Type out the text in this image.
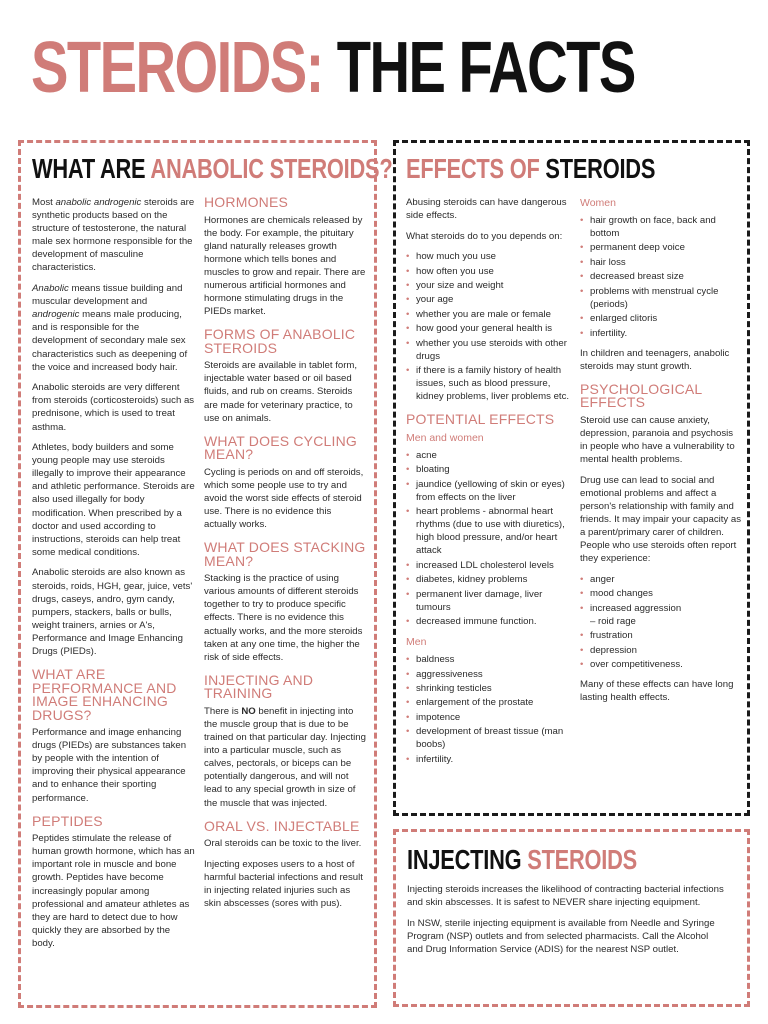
STEROIDS: THE FACTS
WHAT ARE ANABOLIC STEROIDS?

Most anabolic androgenic steroids are synthetic products based on the structure of testosterone, the natural male sex hormone responsible for the development of masculine characteristics.

Anabolic means tissue building and muscular development and androgenic means male producing, and is responsible for the development of secondary male sex characteristics such as deepening of the voice and increased body hair.

Anabolic steroids are very different from steroids (corticosteroids) such as prednisone, which is used to treat asthma.

Athletes, body builders and some young people may use steroids illegally to improve their appearance and athletic performance. Steroids are also used illegally for body modification. When prescribed by a doctor and used according to instructions, steroids can help treat some medical conditions.

Anabolic steroids are also known as steroids, roids, HGH, gear, juice, vets' drugs, caseys, andro, gym candy, pumpers, stackers, balls or bulls, weight trainers, arnies or A's, Performance and Image Enhancing Drugs (PIEDs).

WHAT ARE PERFORMANCE AND IMAGE ENHANCING DRUGS?

Performance and image enhancing drugs (PIEDs) are substances taken by people with the intention of improving their physical appearance and to enhance their sporting performance.

PEPTIDES

Peptides stimulate the release of human growth hormone, which has an important role in muscle and bone growth. Peptides have become increasingly popular among professional and amateur athletes as they are hard to detect due to how quickly they are absorbed by the body.

HORMONES

Hormones are chemicals released by the body. For example, the pituitary gland naturally releases growth hormone which tells bones and muscles to grow and repair. There are numerous artificial hormones and hormone stimulating drugs in the PIEDs market.

FORMS OF ANABOLIC STEROIDS

Steroids are available in tablet form, injectable water based or oil based fluids, and rub on creams. Steroids are made for veterinary practice, to use on animals.

WHAT DOES CYCLING MEAN?

Cycling is periods on and off steroids, which some people use to try and avoid the worst side effects of steroid use. There is no evidence this actually works.

WHAT DOES STACKING MEAN?

Stacking is the practice of using various amounts of different steroids together to try to produce specific effects. There is no evidence this actually works, and the more steroids taken at any one time, the higher the risk of side effects.

INJECTING AND TRAINING

There is NO benefit in injecting into the muscle group that is due to be trained on that particular day. Injecting into a particular muscle, such as calves, pectorals, or biceps can be potentially dangerous, and will not lead to any special growth in size of the muscle that was injected.

ORAL VS. INJECTABLE

Oral steroids can be toxic to the liver.

Injecting exposes users to a host of harmful bacterial infections and result in injecting related injuries such as skin abscesses (sores with pus).

EFFECTS OF STEROIDS

Abusing steroids can have dangerous side effects.

What steroids do to you depends on:

• how much you use
• how often you use
• your size and weight
• your age
• whether you are male or female
• how good your general health is
• whether you use steroids with other drugs
• if there is a family history of health issues, such as blood pressure, kidney problems, liver problems etc.
POTENTIAL EFFECTS
Men and women
• acne
• bloating
• jaundice (yellowing of skin or eyes) from effects on the liver
• heart problems - abnormal heart rhythms (due to use with diuretics), high blood pressure, and/or heart attack
• increased LDL cholesterol levels
• diabetes, kidney problems
• permanent liver damage, liver tumours
• decreased immune function.
Men
• baldness
• aggressiveness
• shrinking testicles
• enlargement of the prostate
• impotence
• development of breast tissue (man boobs)
• infertility.
Women
• hair growth on face, back and bottom
• permanent deep voice
• hair loss
• decreased breast size
• problems with menstrual cycle (periods)
• enlarged clitoris
• infertility.

In children and teenagers, anabolic steroids may stunt growth.

PSYCHOLOGICAL EFFECTS

Steroid use can cause anxiety, depression, paranoia and psychosis in people who have a vulnerability to mental health problems.

Drug use can lead to social and emotional problems and affect a person's relationship with family and friends. It may impair your capacity as a parent/primary carer of children. People who use steroids often report they experience:

• anger
• mood changes
• increased aggression
– roid rage
• frustration
• depression
• over competitiveness.

Many of these effects can have long lasting health effects.

INJECTING STEROIDS

Injecting steroids increases the likelihood of contracting bacterial infections and skin abscesses. It is safest to NEVER share injecting equipment.

In NSW, sterile injecting equipment is available from Needle and Syringe Program (NSP) outlets and from selected pharmacists. Call the Alcohol and Drug Information Service (ADIS) for the nearest NSP outlet.
